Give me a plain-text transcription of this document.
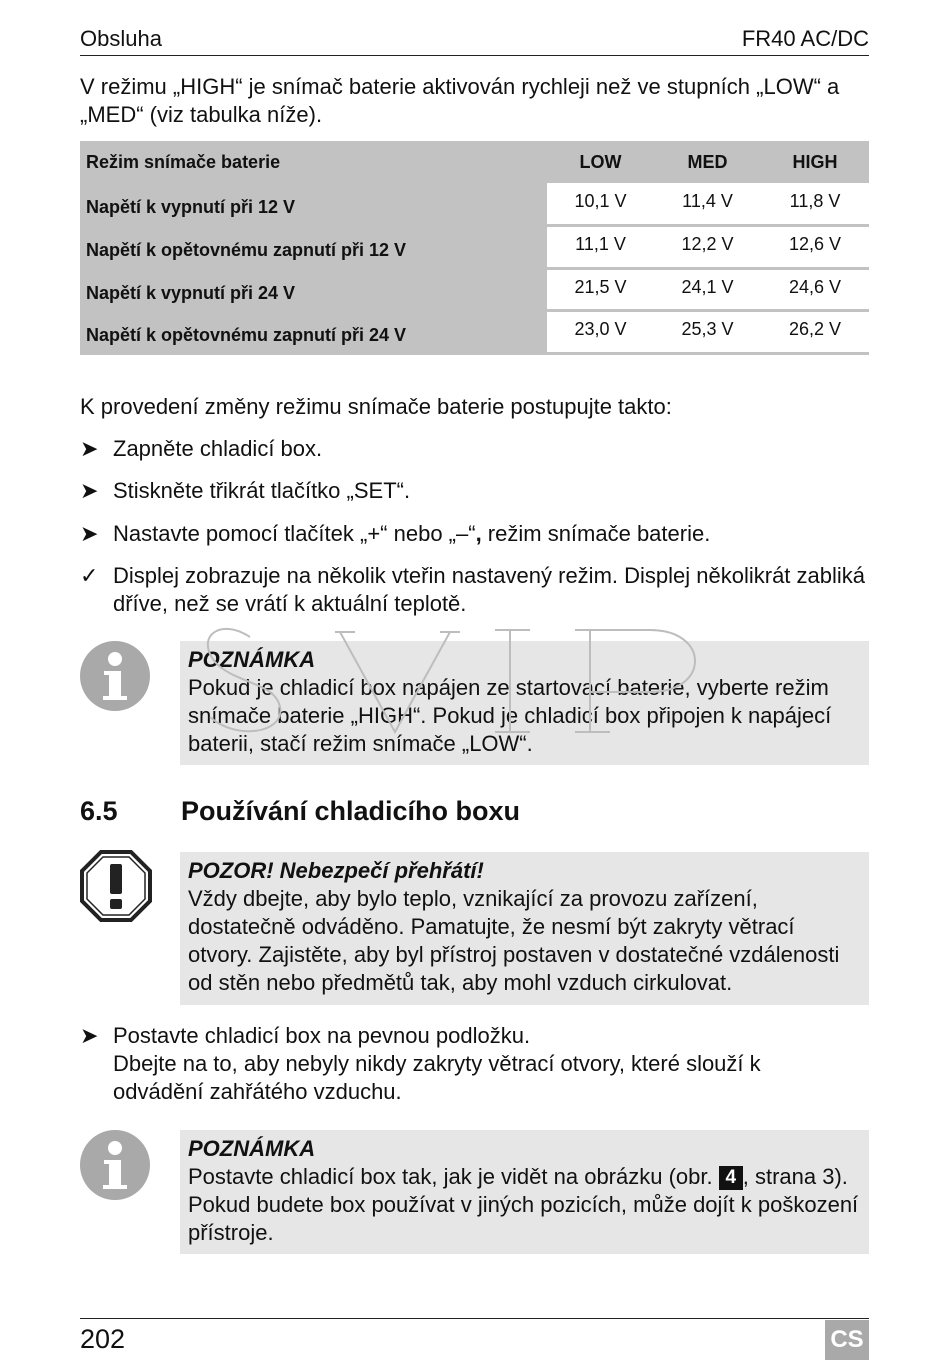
Obsluha	FR40 AC/DC
V režimu „HIGH“ je snímač baterie aktivován rychleji než ve stupních „LOW“ a „MED“ (viz tabulka níže).
Režim snímače baterie	LOW	MED	HIGH
Napětí k vypnutí při 12 V	10,1 V	11,4 V	11,8 V
Napětí k opětovnému zapnutí při 12 V	11,1 V	12,2 V	12,6 V
Napětí k vypnutí při 24 V	21,5 V	24,1 V	24,6 V
Napětí k opětovnému zapnutí při 24 V	23,0 V	25,3 V	26,2 V
K provedení změny režimu snímače baterie postupujte takto:
➤ Zapněte chladicí box.
➤ Stiskněte třikrát tlačítko „SET“.
➤ Nastavte pomocí tlačítek „+“ nebo „–“, režim snímače baterie.
✓ Displej zobrazuje na několik vteřin nastavený režim. Displej několikrát zabliká dříve, než se vrátí k aktuální teplotě.
POZNÁMKA
Pokud je chladicí box napájen ze startovací baterie, vyberte režim snímače baterie „HIGH“. Pokud je chladicí box připojen k napájecí baterii, stačí režim snímače „LOW“.
6.5 Používání chladicího boxu
POZOR! Nebezpečí přehřátí!
Vždy dbejte, aby bylo teplo, vznikající za provozu zařízení, dostatečně odváděno. Pamatujte, že nesmí být zakryty větrací otvory. Zajistěte, aby byl přístroj postaven v dostatečné vzdálenosti od stěn nebo předmětů tak, aby mohl vzduch cirkulovat.
➤ Postavte chladicí box na pevnou podložku.
Dbejte na to, aby nebyly nikdy zakryty větrací otvory, které slouží k odvádění zahřátého vzduchu.
POZNÁMKA
Postavte chladicí box tak, jak je vidět na obrázku (obr. 4 , strana 3). Pokud budete box používat v jiných pozicích, může dojít k poškození přístroje.
202	CS
